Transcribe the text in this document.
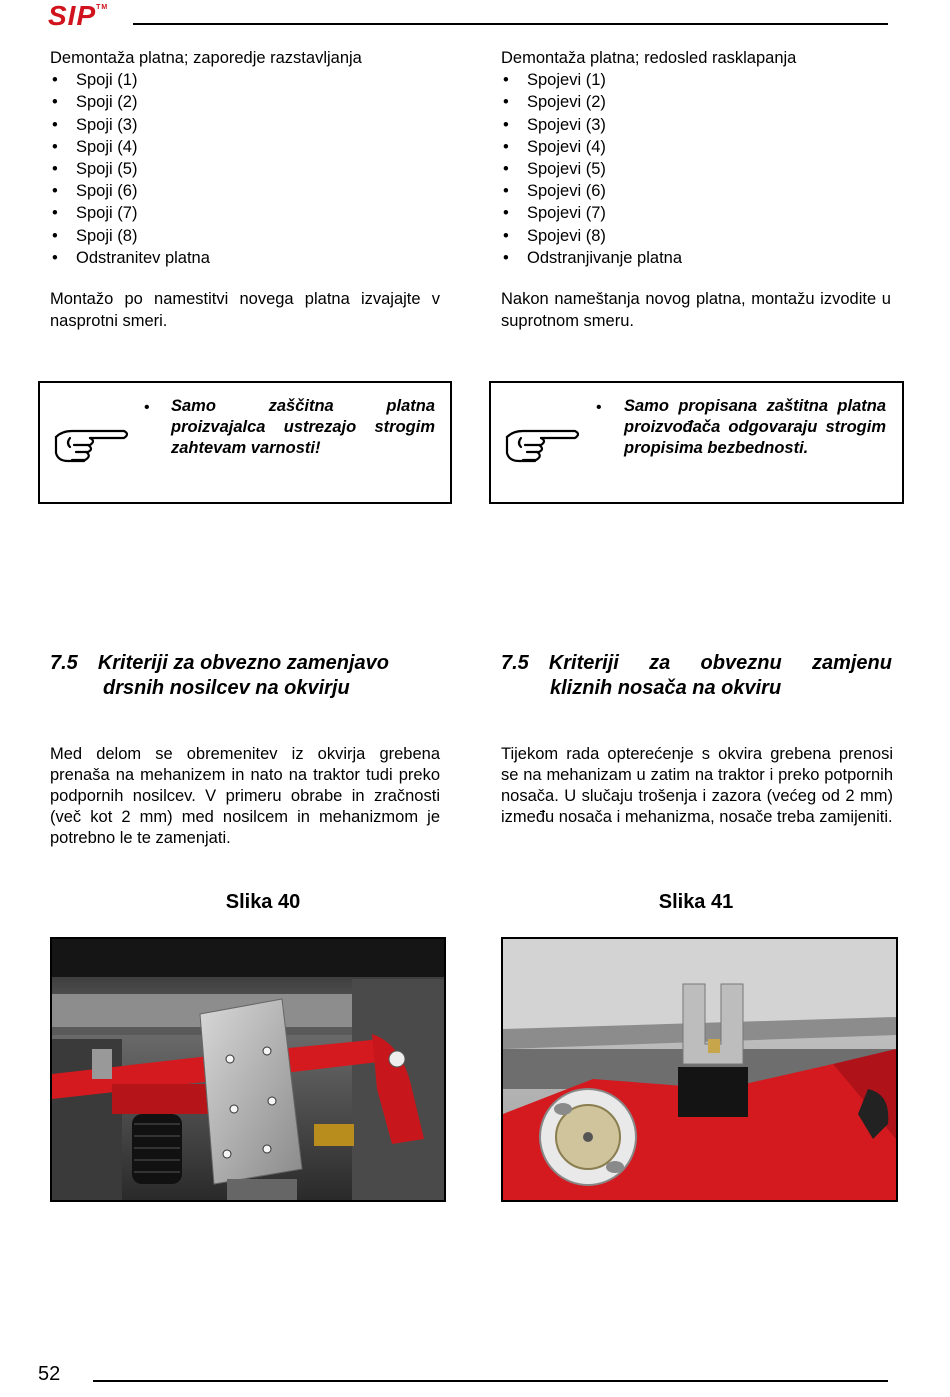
SIP™

Demontaža platna; zaporedje razstavljanja

• Spoji (1)
• Spoji (2)
• Spoji (3)
• Spoji (4)
• Spoji (5)
• Spoji (6)
• Spoji (7)
• Spoji (8)
• Odstranitev platna

Montažo po namestitvi novega platna izvajajte v nasprotni smeri.

Demontaža platna; redosled rasklapanja

• Spojevi (1)
• Spojevi (2)
• Spojevi (3)
• Spojevi (4)
• Spojevi (5)
• Spojevi (6)
• Spojevi (7)
• Spojevi (8)
• Odstranjivanje platna

Nakon nameštanja novog platna, montažu izvodite u suprotnom smeru.

• Samo zaščitna platna proizvajalca ustrezajo strogim zahtevam varnosti!
• Samo propisana zaštitna platna proizvođača odgovaraju strogim propisima bezbednosti.
7.5 Kriteriji za obvezno zamenjavo
drsnih nosilcev na okvirju
7.5 Kriteriji za obveznu zamjenu
kliznih nosača na okviru
Med delom se obremenitev iz okvirja grebena prenaša na mehanizem in nato na traktor tudi preko podpornih nosilcev. V primeru obrabe in zračnosti (več kot 2 mm) med nosilcem in mehanizmom je potrebno le te zamenjati.
Tijekom rada opterećenje s okvira grebena prenosi se na mehanizam u zatim na traktor i preko potpornih nosača. U slučaju trošenja i zazora (većeg od 2 mm) između nosača i mehanizma, nosače treba zamijeniti.
Slika 40	Slika 41
52
